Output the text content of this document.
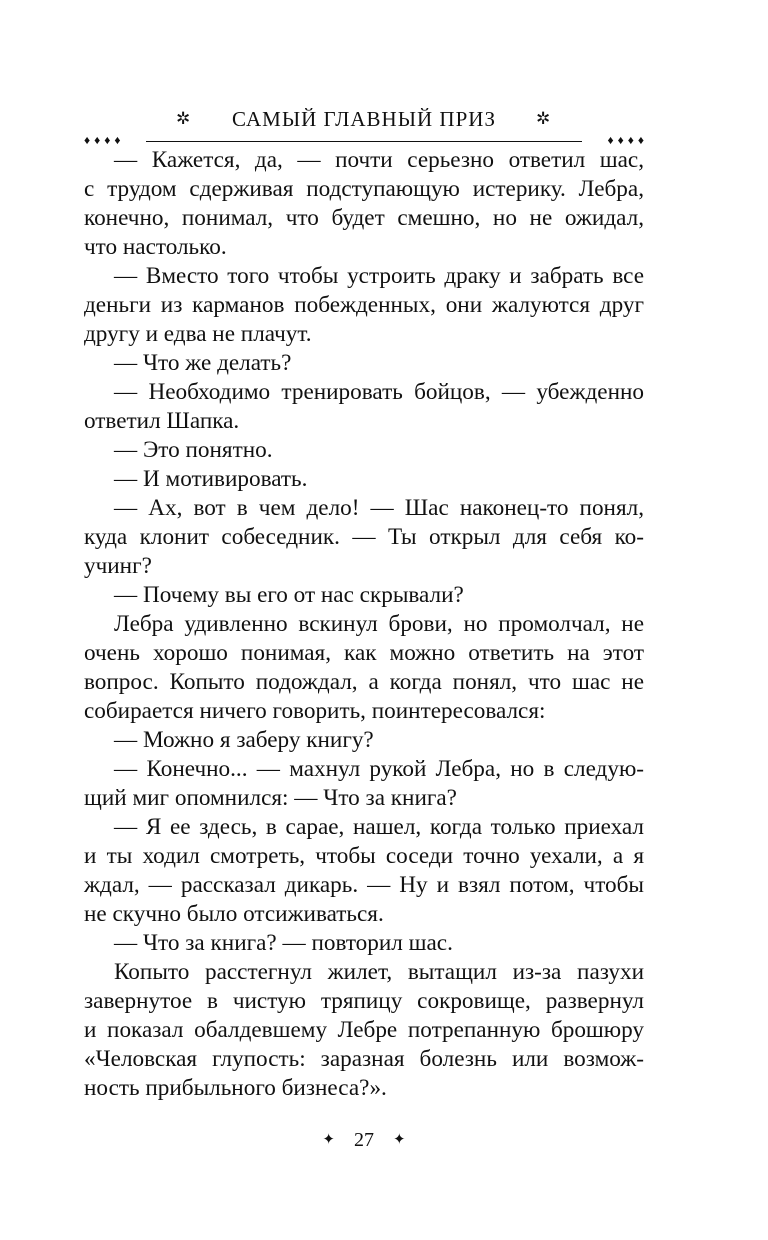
✲ САМЫЙ ГЛАВНЫЙ ПРИЗ ✲
♦♦♦♦	♦♦♦♦

— Кажется, да, — почти серьезно ответил шас,
с трудом сдерживая подступающую истерику. Лебра,
конечно, понимал, что будет смешно, но не ожидал,
что настолько.

— Вместо того чтобы устроить драку и забрать все
деньги из карманов побежденных, они жалуются друг
другу и едва не плачут.

— Что же делать?

— Необходимо тренировать бойцов, — убежденно
ответил Шапка.

— Это понятно.

— И мотивировать.

— Ах, вот в чем дело! — Шас наконец-то понял,
куда клонит собеседник. — Ты открыл для себя ко-
учинг?

— Почему вы его от нас скрывали?

Лебра удивленно вскинул брови, но промолчал, не
очень хорошо понимая, как можно ответить на этот
вопрос. Копыто подождал, а когда понял, что шас не
собирается ничего говорить, поинтересовался:

— Можно я заберу книгу?

— Конечно... — махнул рукой Лебра, но в следую-
щий миг опомнился: — Что за книга?

— Я ее здесь, в сарае, нашел, когда только приехал
и ты ходил смотреть, чтобы соседи точно уехали, а я
ждал, — рассказал дикарь. — Ну и взял потом, чтобы
не скучно было отсиживаться.

— Что за книга? — повторил шас.

Копыто расстегнул жилет, вытащил из-за пазухи
завернутое в чистую тряпицу сокровище, развернул
и показал обалдевшему Лебре потрепанную брошюру
«Человская глупость: заразная болезнь или возмож-
ность прибыльного бизнеса?».

✦ 27 ✦
